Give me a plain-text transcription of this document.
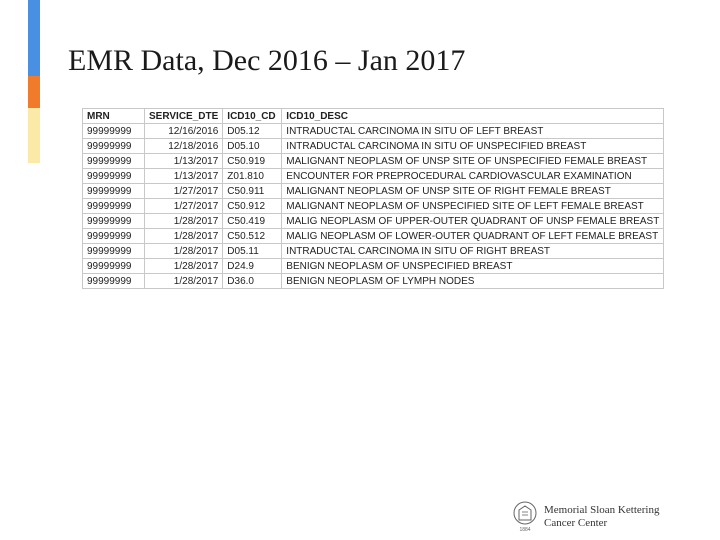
EMR Data, Dec 2016 – Jan 2017
MRN	SERVICE_DTE	ICD10_CD	ICD10_DESC
99999999	12/16/2016	D05.12	INTRADUCTAL CARCINOMA IN SITU OF LEFT BREAST
99999999	12/18/2016	D05.10	INTRADUCTAL CARCINOMA IN SITU OF UNSPECIFIED BREAST
99999999	1/13/2017	C50.919	MALIGNANT NEOPLASM OF UNSP SITE OF UNSPECIFIED FEMALE BREAST
99999999	1/13/2017	Z01.810	ENCOUNTER FOR PREPROCEDURAL CARDIOVASCULAR EXAMINATION
99999999	1/27/2017	C50.911	MALIGNANT NEOPLASM OF UNSP SITE OF RIGHT FEMALE BREAST
99999999	1/27/2017	C50.912	MALIGNANT NEOPLASM OF UNSPECIFIED SITE OF LEFT FEMALE BREAST
99999999	1/28/2017	C50.419	MALIG NEOPLASM OF UPPER-OUTER QUADRANT OF UNSP FEMALE BREAST
99999999	1/28/2017	C50.512	MALIG NEOPLASM OF LOWER-OUTER QUADRANT OF LEFT FEMALE BREAST
99999999	1/28/2017	D05.11	INTRADUCTAL CARCINOMA IN SITU OF RIGHT BREAST
99999999	1/28/2017	D24.9	BENIGN NEOPLASM OF UNSPECIFIED BREAST
99999999	1/28/2017	D36.0	BENIGN NEOPLASM OF LYMPH NODES
1884
Memorial Sloan Kettering
Cancer Center
